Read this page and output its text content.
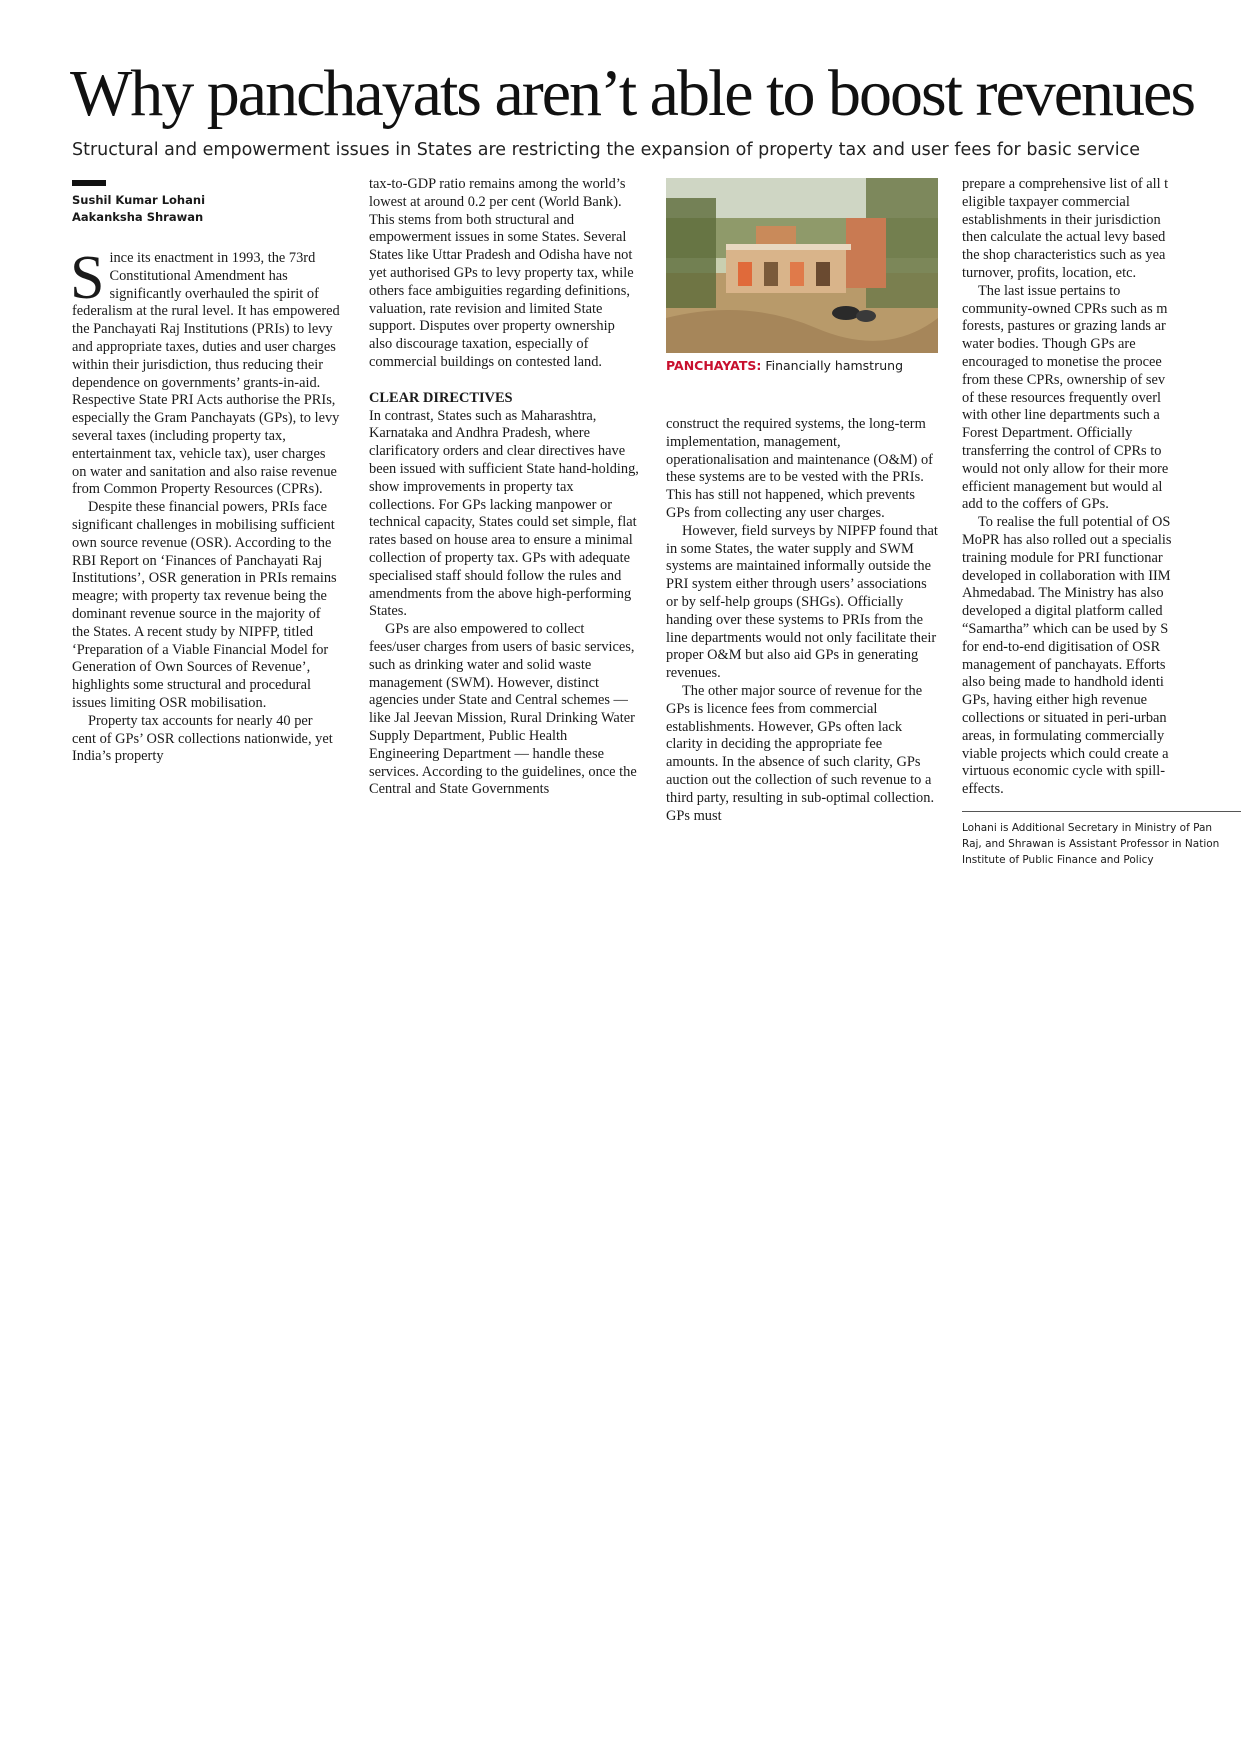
Why panchayats aren’t able to boost revenues
Structural and empowerment issues in States are restricting the expansion of property tax and user fees for basic service
Sushil Kumar Lohani
Aakanksha Shrawan

Since its enactment in 1993, the 73rd Constitutional Amendment has significantly overhauled the spirit of federalism at the rural level. It has empowered the Panchayati Raj Institutions (PRIs) to levy and appropriate taxes, duties and user charges within their jurisdiction, thus reducing their dependence on governments’ grants-in-aid. Respective State PRI Acts authorise the PRIs, especially the Gram Panchayats (GPs), to levy several taxes (including property tax, entertainment tax, vehicle tax), user charges on water and sanitation and also raise revenue from Common Property Resources (CPRs).

Despite these financial powers, PRIs face significant challenges in mobilising sufficient own source revenue (OSR). According to the RBI Report on ‘Finances of Panchayati Raj Institutions’, OSR generation in PRIs remains meagre; with property tax revenue being the dominant revenue source in the majority of the States. A recent study by NIPFP, titled ‘Preparation of a Viable Financial Model for Generation of Own Sources of Revenue’, highlights some structural and procedural issues limiting OSR mobilisation.

Property tax accounts for nearly 40 per cent of GPs’ OSR collections nationwide, yet India’s property

tax-to-GDP ratio remains among the world’s lowest at around 0.2 per cent (World Bank). This stems from both structural and empowerment issues in some States. Several States like Uttar Pradesh and Odisha have not yet authorised GPs to levy property tax, while others face ambiguities regarding definitions, valuation, rate revision and limited State support. Disputes over property ownership also discourage taxation, especially of commercial buildings on contested land.

CLEAR DIRECTIVES

In contrast, States such as Maharashtra, Karnataka and Andhra Pradesh, where clarificatory orders and clear directives have been issued with sufficient State hand-holding, show improvements in property tax collections. For GPs lacking manpower or technical capacity, States could set simple, flat rates based on house area to ensure a minimal collection of property tax. GPs with adequate specialised staff should follow the rules and amendments from the above high-performing States.

GPs are also empowered to collect fees/user charges from users of basic services, such as drinking water and solid waste management (SWM). However, distinct agencies under State and Central schemes — like Jal Jeevan Mission, Rural Drinking Water Supply Department, Public Health Engineering Department — handle these services. According to the guidelines, once the Central and State Governments

PANCHAYATS: Financially hamstrung

construct the required systems, the long-term implementation, management, operationalisation and maintenance (O&M) of these systems are to be vested with the PRIs. This has still not happened, which prevents GPs from collecting any user charges.

However, field surveys by NIPFP found that in some States, the water supply and SWM systems are maintained informally outside the PRI system either through users’ associations or by self-help groups (SHGs). Officially handing over these systems to PRIs from the line departments would not only facilitate their proper O&M but also aid GPs in generating revenues.

The other major source of revenue for the GPs is licence fees from commercial establishments. However, GPs often lack clarity in deciding the appropriate fee amounts. In the absence of such clarity, GPs auction out the collection of such revenue to a third party, resulting in sub-optimal collection. GPs must

prepare a comprehensive list of all t

eligible taxpayer commercial

establishments in their jurisdiction

then calculate the actual levy based

the shop characteristics such as yea

turnover, profits, location, etc.

The last issue pertains to

community-owned CPRs such as m

forests, pastures or grazing lands ar

water bodies. Though GPs are

encouraged to monetise the procee

from these CPRs, ownership of sev

of these resources frequently overl

with other line departments such a

Forest Department. Officially

transferring the control of CPRs to

would not only allow for their more

efficient management but would al

add to the coffers of GPs.

To realise the full potential of OS

MoPR has also rolled out a specialis

training module for PRI functionar

developed in collaboration with IIM

Ahmedabad. The Ministry has also

developed a digital platform called

“Samartha” which can be used by S

for end-to-end digitisation of OSR

management of panchayats. Efforts

also being made to handhold identi

GPs, having either high revenue

collections or situated in peri-urban

areas, in formulating commercially

viable projects which could create a

virtuous economic cycle with spill-

effects.

Lohani is Additional Secretary in Ministry of Pan
Raj, and Shrawan is Assistant Professor in Nation
Institute of Public Finance and Policy
